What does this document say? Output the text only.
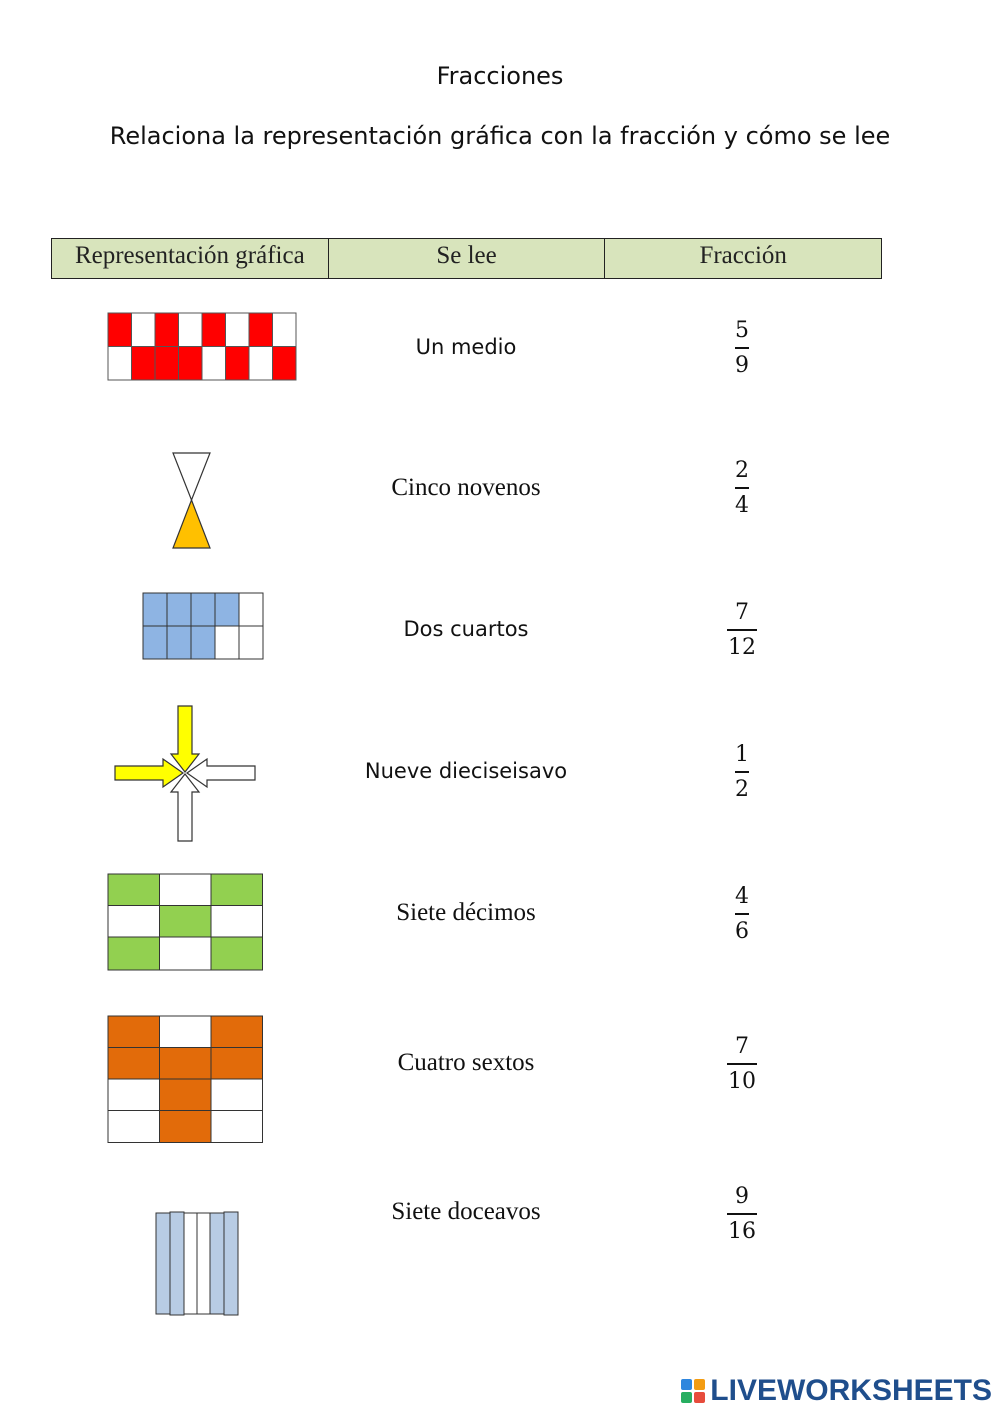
Fracciones
Relaciona la representación gráfica con la fracción y cómo se lee
Representación gráfica	Se lee	Fracción
Un medio
Cinco novenos
Dos cuartos
Nueve dieciseisavo
Siete décimos
Cuatro sextos
Siete doceavos
5
9
2
4
7
12
1
2
4
6
7
10
9
16
LIVEWORKSHEETS
